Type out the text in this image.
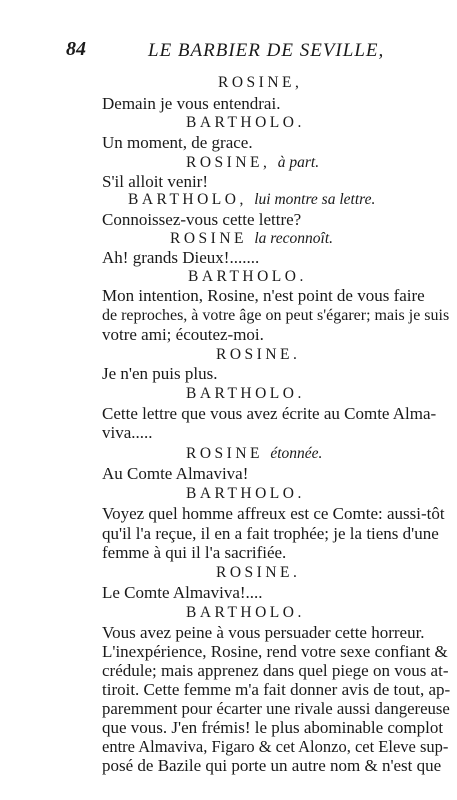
84	LE BARBIER DE SEVILLE,
ROSINE,
Demain je vous entendrai.
BARTHOLO.
Un moment, de grace.
ROSINE, à part.
S'il alloit venir!
BARTHOLO, lui montre sa lettre.
Connoissez-vous cette lettre?
ROSINE la reconnoît.
Ah! grands Dieux!.......
BARTHOLO.
Mon intention, Rosine, n'est point de vous faire
de reproches, à votre âge on peut s'égarer; mais je suis
votre ami; écoutez-moi.
ROSINE.
Je n'en puis plus.
BARTHOLO.
Cette lettre que vous avez écrite au Comte Alma-
viva.....
ROSINE étonnée.
Au Comte Almaviva!
BARTHOLO.
Voyez quel homme affreux est ce Comte: aussi-tôt
qu'il l'a reçue, il en a fait trophée; je la tiens d'une
femme à qui il l'a sacrifiée.
ROSINE.
Le Comte Almaviva!....
BARTHOLO.
Vous avez peine à vous persuader cette horreur.
L'inexpérience, Rosine, rend votre sexe confiant &
crédule; mais apprenez dans quel piege on vous at-
tiroit. Cette femme m'a fait donner avis de tout, ap-
paremment pour écarter une rivale aussi dangereuse
que vous. J'en frémis! le plus abominable complot
entre Almaviva, Figaro & cet Alonzo, cet Eleve sup-
posé de Bazile qui porte un autre nom & n'est que
